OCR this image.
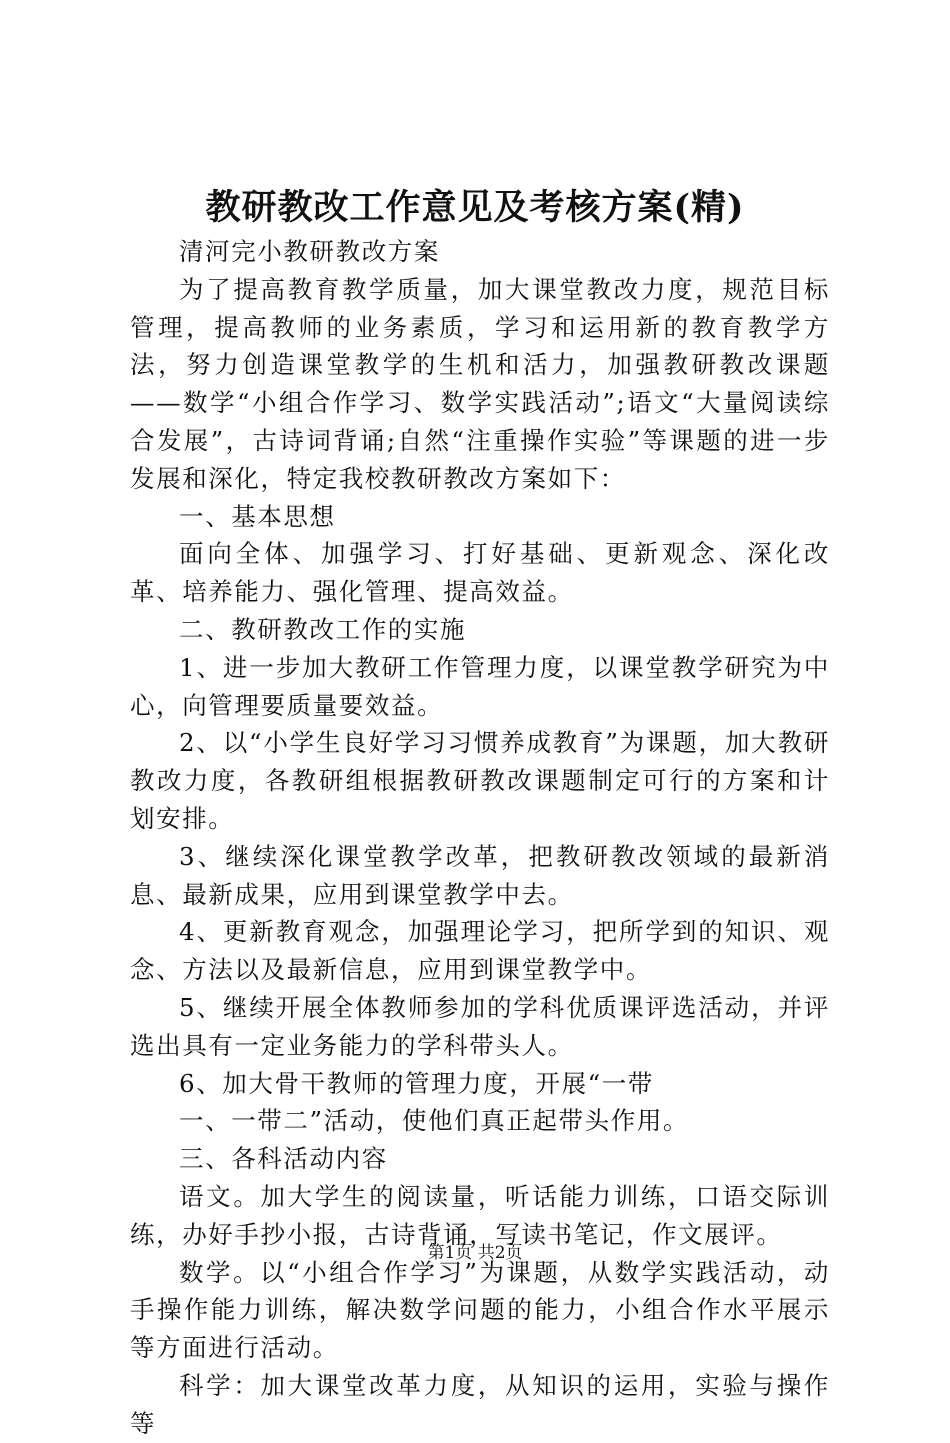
教研教改工作意见及考核方案(精)

清河完小教研教改方案

为了提高教育教学质量，加大课堂教改力度，规范目标管理，提高教师的业务素质，学习和运用新的教育教学方法，努力创造课堂教学的生机和活力，加强教研教改课题——数学“小组合作学习、数学实践活动”;语文“大量阅读综合发展”，古诗词背诵;自然“注重操作实验”等课题的进一步发展和深化，特定我校教研教改方案如下：

一、基本思想

面向全体、加强学习、打好基础、更新观念、深化改革、培养能力、强化管理、提高效益。

二、教研教改工作的实施

1、进一步加大教研工作管理力度，以课堂教学研究为中心，向管理要质量要效益。

2、以“小学生良好学习习惯养成教育”为课题，加大教研教改力度，各教研组根据教研教改课题制定可行的方案和计划安排。

3、继续深化课堂教学改革，把教研教改领域的最新消息、最新成果，应用到课堂教学中去。

4、更新教育观念，加强理论学习，把所学到的知识、观念、方法以及最新信息，应用到课堂教学中。

5、继续开展全体教师参加的学科优质课评选活动，并评选出具有一定业务能力的学科带头人。

6、加大骨干教师的管理力度，开展“一带

一、一带二”活动，使他们真正起带头作用。

三、各科活动内容

语文。加大学生的阅读量，听话能力训练，口语交际训练，办好手抄小报，古诗背诵，写读书笔记，作文展评。

数学。以“小组合作学习”为课题，从数学实践活动，动手操作能力训练，解决数学问题的能力，小组合作水平展示等方面进行活动。

科学：加大课堂改革力度，从知识的运用，实验与操作等

第1页 共2页
